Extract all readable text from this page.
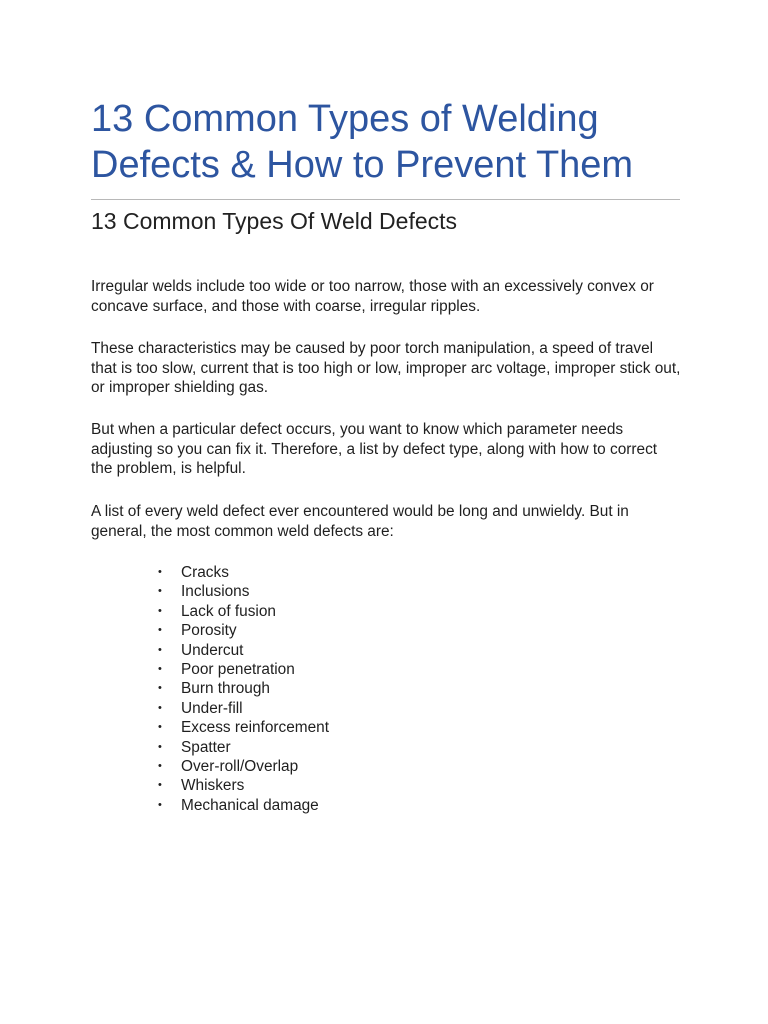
13 Common Types of Welding Defects & How to Prevent Them
13 Common Types Of Weld Defects

Irregular welds include too wide or too narrow, those with an excessively convex or concave surface, and those with coarse, irregular ripples.

These characteristics may be caused by poor torch manipulation, a speed of travel that is too slow, current that is too high or low, improper arc voltage, improper stick out, or improper shielding gas.

But when a particular defect occurs, you want to know which parameter needs adjusting so you can fix it. Therefore, a list by defect type, along with how to correct the problem, is helpful.

A list of every weld defect ever encountered would be long and unwieldy. But in general, the most common weld defects are:

• Cracks
• Inclusions
• Lack of fusion
• Porosity
• Undercut
• Poor penetration
• Burn through
• Under-fill
• Excess reinforcement
• Spatter
• Over-roll/Overlap
• Whiskers
• Mechanical damage
